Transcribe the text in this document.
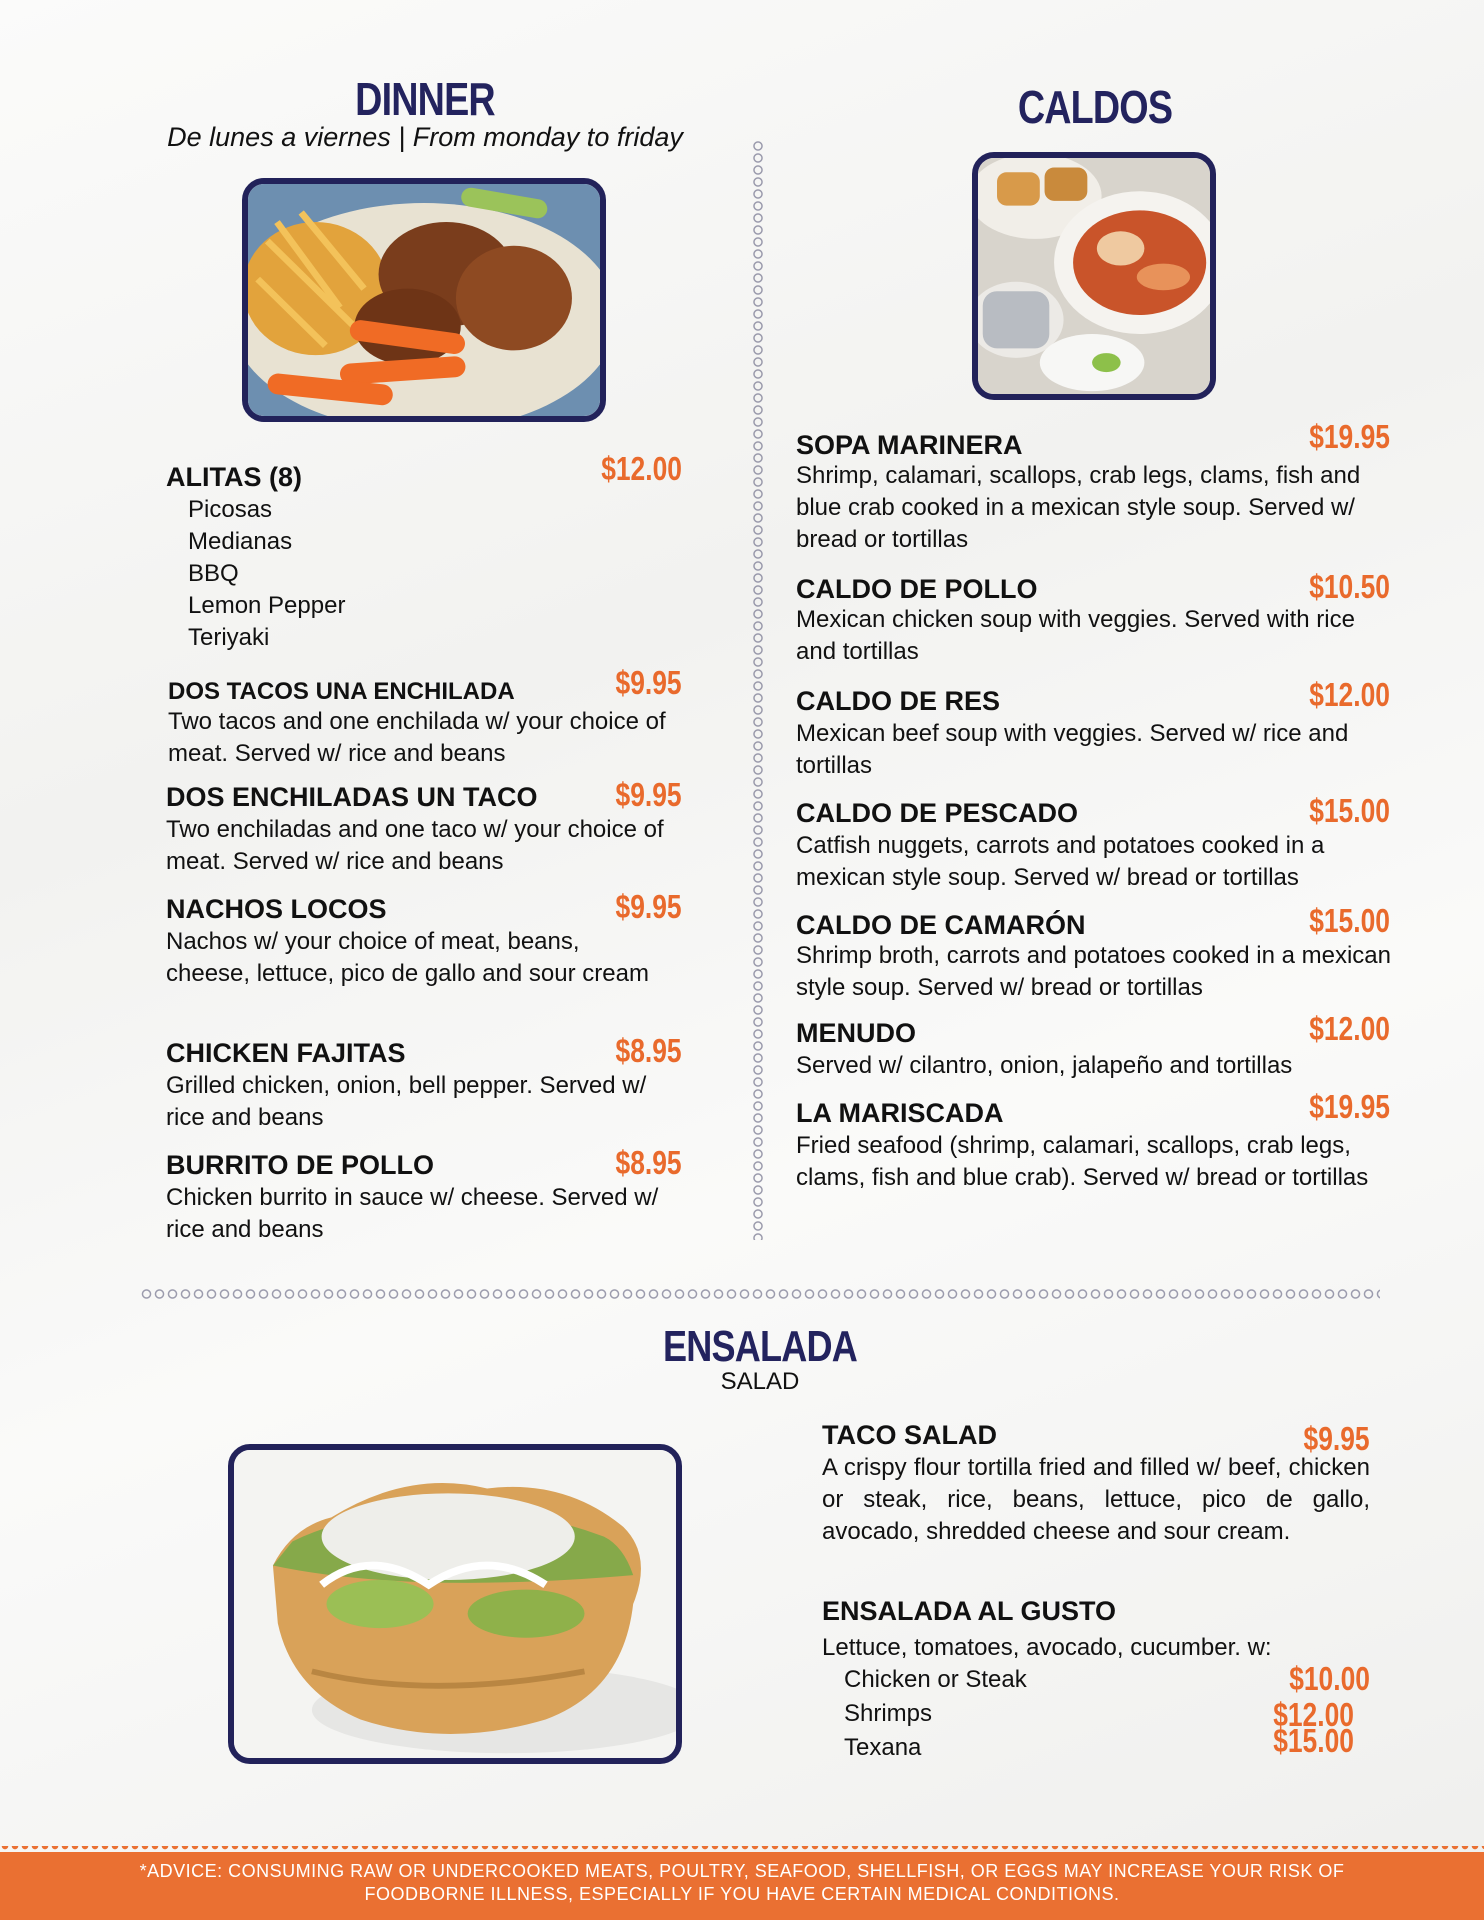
DINNER
De lunes a viernes | From monday to friday
ALITAS (8)	$12.00
Picosas
Medianas
BBQ
Lemon Pepper
Teriyaki
DOS TACOS UNA ENCHILADA	$9.95
Two tacos and one enchilada w/ your choice of meat. Served w/ rice and beans
DOS ENCHILADAS UN TACO $9.95
Two enchiladas and one taco w/ your choice of meat. Served w/ rice and beans
NACHOS LOCOS	$9.95
Nachos w/ your choice of meat, beans, cheese, lettuce, pico de gallo and sour cream
CHICKEN FAJITAS	$8.95
Grilled chicken, onion, bell pepper. Served w/ rice and beans
BURRITO DE POLLO	$8.95
Chicken burrito in sauce w/ cheese. Served w/ rice and beans
CALDOS
SOPA MARINERA	$19.95
Shrimp, calamari, scallops, crab legs, clams, fish and blue crab cooked in a mexican style soup. Served w/ bread or tortillas
CALDO DE POLLO	$10.50
Mexican chicken soup with veggies. Served with rice and tortillas
CALDO DE RES	$12.00
Mexican beef soup with veggies. Served w/ rice and tortillas
CALDO DE PESCADO	$15.00
Catfish nuggets, carrots and potatoes cooked in a mexican style soup. Served w/ bread or tortillas
CALDO DE CAMARÓN	$15.00
Shrimp broth, carrots and potatoes cooked in a mexican style soup. Served w/ bread or tortillas
MENUDO	$12.00
Served w/ cilantro, onion, jalapeño and tortillas
LA MARISCADA	$19.95
Fried seafood (shrimp, calamari, scallops, crab legs, clams, fish and blue crab). Served w/ bread or tortillas
ENSALADA
SALAD
TACO SALAD	$9.95
A crispy flour tortilla fried and filled w/ beef, chicken or steak, rice, beans, lettuce, pico de gallo, avocado, shredded cheese and sour cream.
ENSALADA AL GUSTO
Lettuce, tomatoes, avocado, cucumber. w:
Chicken or Steak	$10.00
Shrimps	$12.00
Texana	$15.00
*ADVICE: CONSUMING RAW OR UNDERCOOKED MEATS, POULTRY, SEAFOOD, SHELLFISH, OR EGGS MAY INCREASE YOUR RISK OF FOODBORNE ILLNESS, ESPECIALLY IF YOU HAVE CERTAIN MEDICAL CONDITIONS.
